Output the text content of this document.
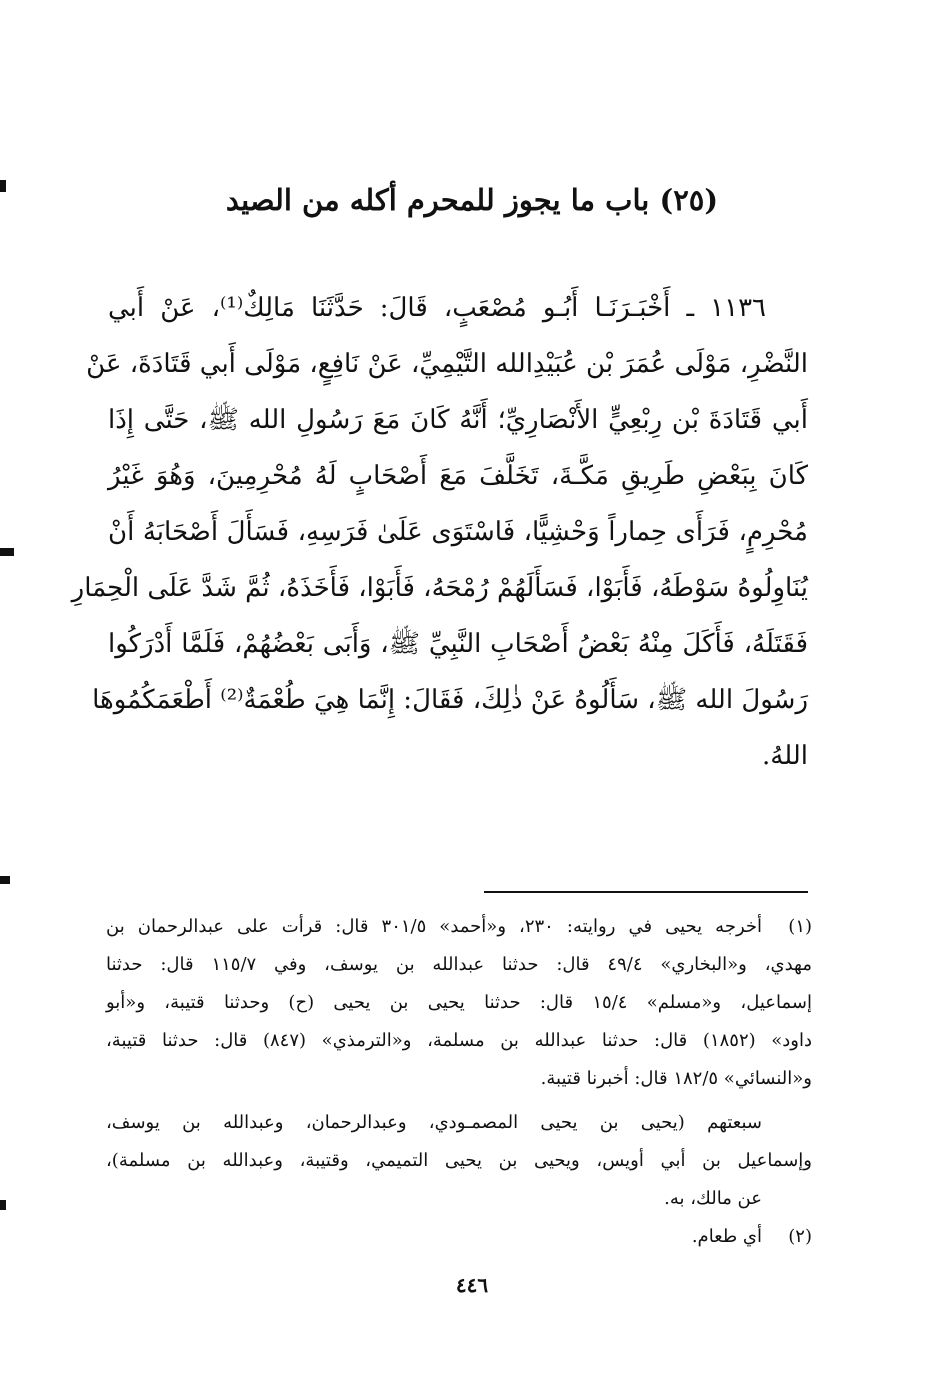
(٢٥) باب ما يجوز للمحرم أكله من الصيد
١١٣٦ ـ أَخْبَـرَنَـا أَبُـو مُصْعَبٍ، قَالَ: حَدَّثَنَا مَالِكٌ⁽¹⁾، عَنْ أَبي
النَّضْرِ، مَوْلَى عُمَرَ بْن عُبَيْدِالله التَّيْمِيِّ، عَنْ نَافِعٍ، مَوْلَى أَبي قَتَادَةَ، عَنْ
أَبي قَتَادَةَ بْن رِبْعِيٍّ الأَنْصَارِيِّ؛ أَنَّهُ كَانَ مَعَ رَسُولِ الله ﷺ، حَتَّى إِذَا
كَانَ بِبَعْضِ طَرِيقِ مَكَّـةَ، تَخَلَّفَ مَعَ أَصْحَابٍ لَهُ مُحْرِمِينَ، وَهُوَ غَيْرُ
مُحْرِمٍ، فَرَأَى حِماراً وَحْشِيًّا، فَاسْتَوَى عَلَىٰ فَرَسِهِ، فَسَأَلَ أَصْحَابَهُ أَنْ
يُنَاوِلُوهُ سَوْطَهُ، فَأَبَوْا، فَسَأَلَهُمْ رُمْحَهُ، فَأَبَوْا، فَأَخَذَهُ، ثُمَّ شَدَّ عَلَى الْحِمَارِ
فَقَتَلَهُ، فَأَكَلَ مِنْهُ بَعْضُ أَصْحَابِ النَّبِيِّ ﷺ، وَأَبَى بَعْضُهُمْ، فَلَمَّا أَدْرَكُوا
رَسُولَ الله ﷺ، سَأَلُوهُ عَنْ ذٰلِكَ، فَقَالَ: إِنَّمَا هِيَ طُعْمَةٌ⁽²⁾ أَطْعَمَكُمُوهَا
اللهُ.
(١)أخرجه يحيى في روايته: ٢٣٠، و«أحمد» ٣٠١/٥ قال: قرأت على عبدالرحمان بن
مهدي، و«البخاري» ٤٩/٤ قال: حدثنا عبدالله بن يوسف، وفي ١١٥/٧ قال: حدثنا
إسماعيل، و«مسلم» ١٥/٤ قال: حدثنا يحيى بن يحيى (ح) وحدثنا قتيبة، و«أبو
داود» (١٨٥٢) قال: حدثنا عبدالله بن مسلمة، و«الترمذي» (٨٤٧) قال: حدثنا قتيبة،
و«النسائي» ١٨٢/٥ قال: أخبرنا قتيبة.
سبعتهم (يحيى بن يحيى المصمـودي، وعبدالرحمان، وعبدالله بن يوسف،
وإسماعيل بن أبي أويس، ويحيى بن يحيى التميمي، وقتيبة، وعبدالله بن مسلمة)،
عن مالك، به.
(٢)أي طعام.
٤٤٦
